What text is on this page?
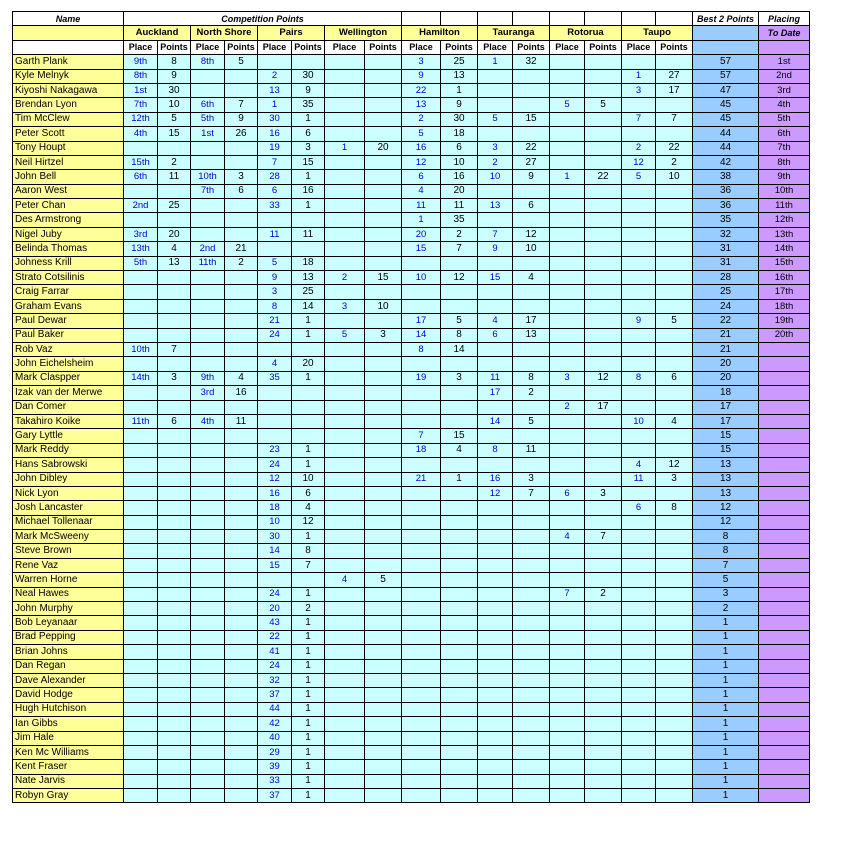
Name	Competition Points																Best 2 Points	Placing
	Auckland		North Shore		Pairs		Wellington		Hamilton		Tauranga		Rotorua		Taupo			To Date
	Place	Points	Place	Points	Place	Points	Place	Points	Place	Points	Place	Points	Place	Points	Place	Points		
Garth Plank	9th	8	8th	5					3	25	1	32					57	1st
Kyle Melnyk	8th	9			2	30			9	13					1	27	57	2nd
Kiyoshi Nakagawa	1st	30			13	9			22	1					3	17	47	3rd
Brendan Lyon	7th	10	6th	7	1	35			13	9			5	5			45	4th
Tim McClew	12th	5	5th	9	30	1			2	30	5	15			7	7	45	5th
Peter Scott	4th	15	1st	26	16	6			5	18							44	6th
Tony Houpt					19	3	1	20	16	6	3	22			2	22	44	7th
Neil Hirtzel	15th	2			7	15			12	10	2	27			12	2	42	8th
John Bell	6th	11	10th	3	28	1			6	16	10	9	1	22	5	10	38	9th
Aaron West			7th	6	6	16			4	20							36	10th
Peter Chan	2nd	25			33	1			11	11	13	6					36	11th
Des Armstrong									1	35							35	12th
Nigel Juby	3rd	20			11	11			20	2	7	12					32	13th
Belinda Thomas	13th	4	2nd	21					15	7	9	10					31	14th
Johness Krill	5th	13	11th	2	5	18											31	15th
Strato Cotsilinis					9	13	2	15	10	12	15	4					28	16th
Craig Farrar					3	25											25	17th
Graham Evans					8	14	3	10									24	18th
Paul Dewar					21	1			17	5	4	17			9	5	22	19th
Paul Baker					24	1	5	3	14	8	6	13					21	20th
Rob Vaz	10th	7							8	14							21	
John Eichelsheim					4	20											20	
Mark Claspper	14th	3	9th	4	35	1			19	3	11	8	3	12	8	6	20	
Izak van der Merwe			3rd	16							17	2					18	
Dan Comer													2	17			17	
Takahiro Koike	11th	6	4th	11							14	5			10	4	17	
Gary Lyttle									7	15							15	
Mark Reddy					23	1			18	4	8	11					15	
Hans Sabrowski					24	1									4	12	13	
John Dibley					12	10			21	1	16	3			11	3	13	
Nick Lyon					16	6					12	7	6	3			13	
Josh Lancaster					18	4									6	8	12	
Michael Tollenaar					10	12											12	
Mark McSweeny					30	1							4	7			8	
Steve Brown					14	8											8	
Rene Vaz					15	7											7	
Warren Horne							4	5									5	
Neal Hawes					24	1							7	2			3	
John Murphy					20	2											2	
Bob Leyanaar					43	1											1	
Brad Pepping					22	1											1	
Brian Johns					41	1											1	
Dan Regan					24	1											1	
Dave Alexander					32	1											1	
David Hodge					37	1											1	
Hugh Hutchison					44	1											1	
Ian Gibbs					42	1											1	
Jim Hale					40	1											1	
Ken Mc Williams					29	1											1	
Kent Fraser					39	1											1	
Nate Jarvis					33	1											1	
Robyn Gray					37	1											1	
